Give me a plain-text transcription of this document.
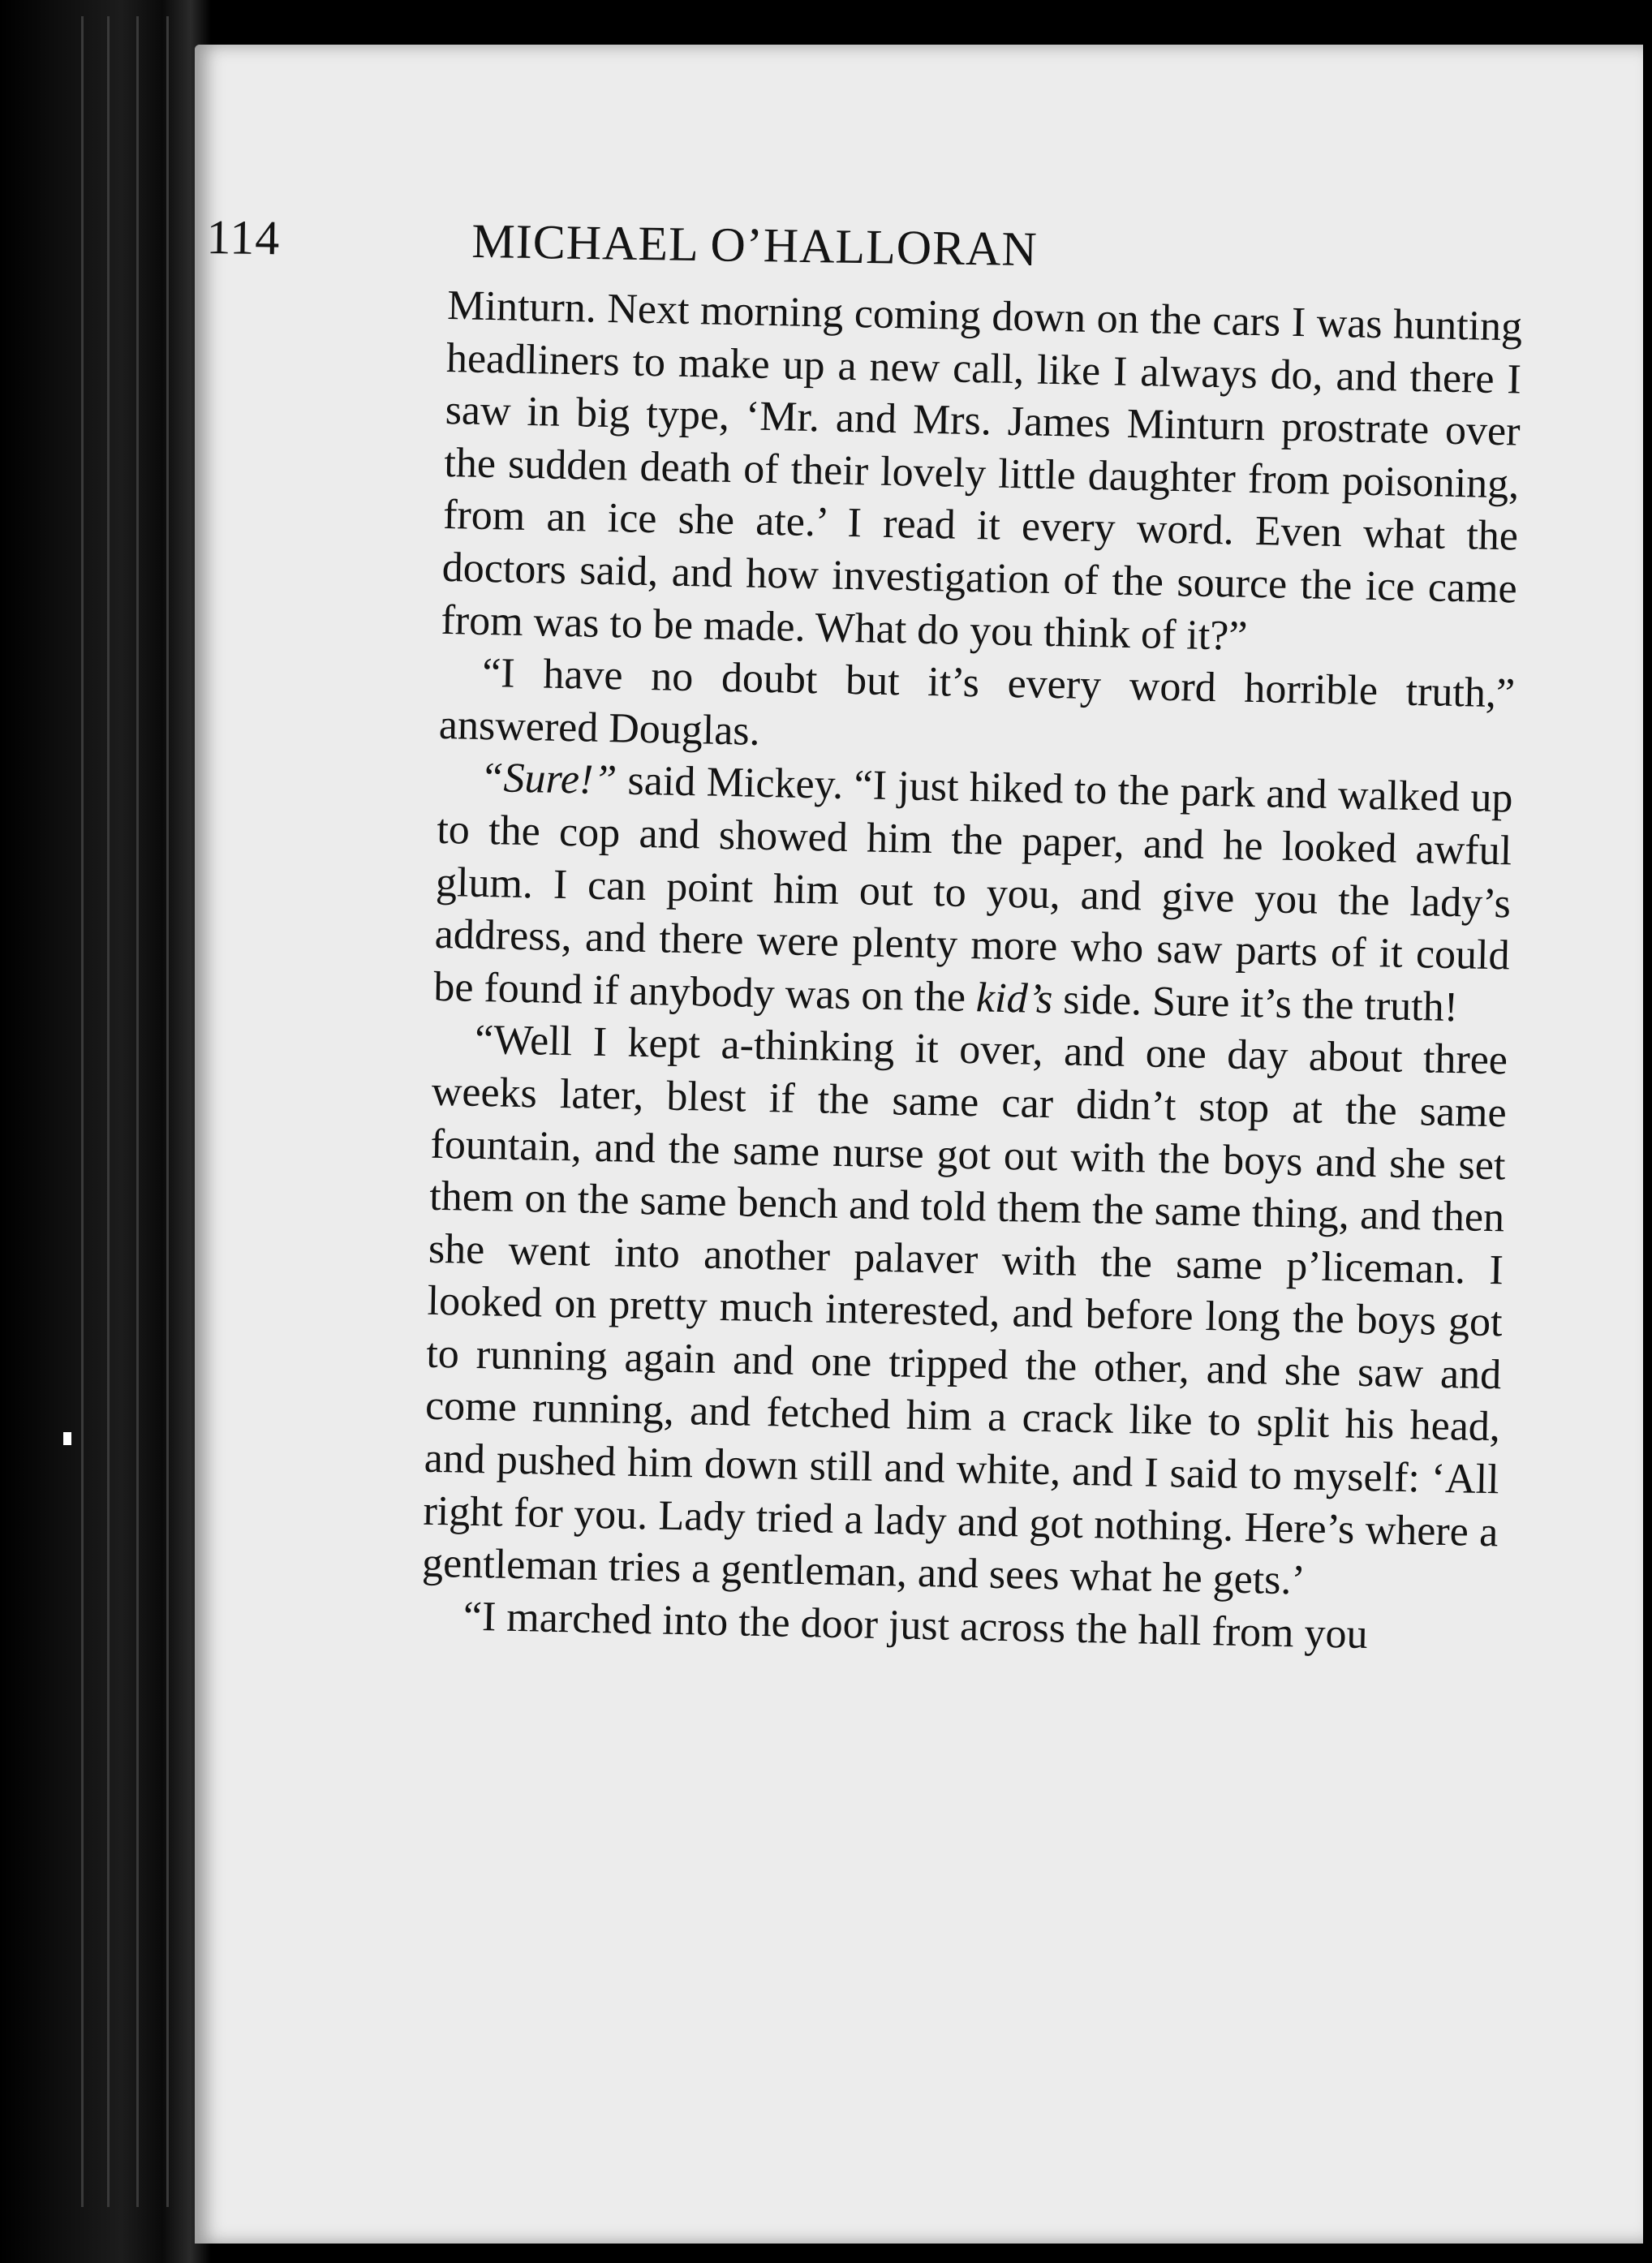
114	MICHAEL O’HALLORAN

Minturn. Next morning coming down on the cars I was hunting headliners to make up a new call, like I always do, and there I saw in big type, ‘Mr. and Mrs. James Minturn prostrate over the sudden death of their lovely little daughter from poisoning, from an ice she ate.’ I read it every word. Even what the doctors said, and how investigation of the source the ice came from was to be made. What do you think of it?”

“I have no doubt but it’s every word horrible truth,” answered Douglas.

“Sure!” said Mickey. “I just hiked to the park and walked up to the cop and showed him the paper, and he looked awful glum. I can point him out to you, and give you the lady’s address, and there were plenty more who saw parts of it could be found if anybody was on the kid’s side. Sure it’s the truth!

“Well I kept a-thinking it over, and one day about three weeks later, blest if the same car didn’t stop at the same fountain, and the same nurse got out with the boys and she set them on the same bench and told them the same thing, and then she went into another palaver with the same p’liceman. I looked on pretty much interested, and before long the boys got to running again and one tripped the other, and she saw and come running, and fetched him a crack like to split his head, and pushed him down still and white, and I said to myself: ‘All right for you. Lady tried a lady and got nothing. Here’s where a gentleman tries a gentleman, and sees what he gets.’

“I marched into the door just across the hall from you
